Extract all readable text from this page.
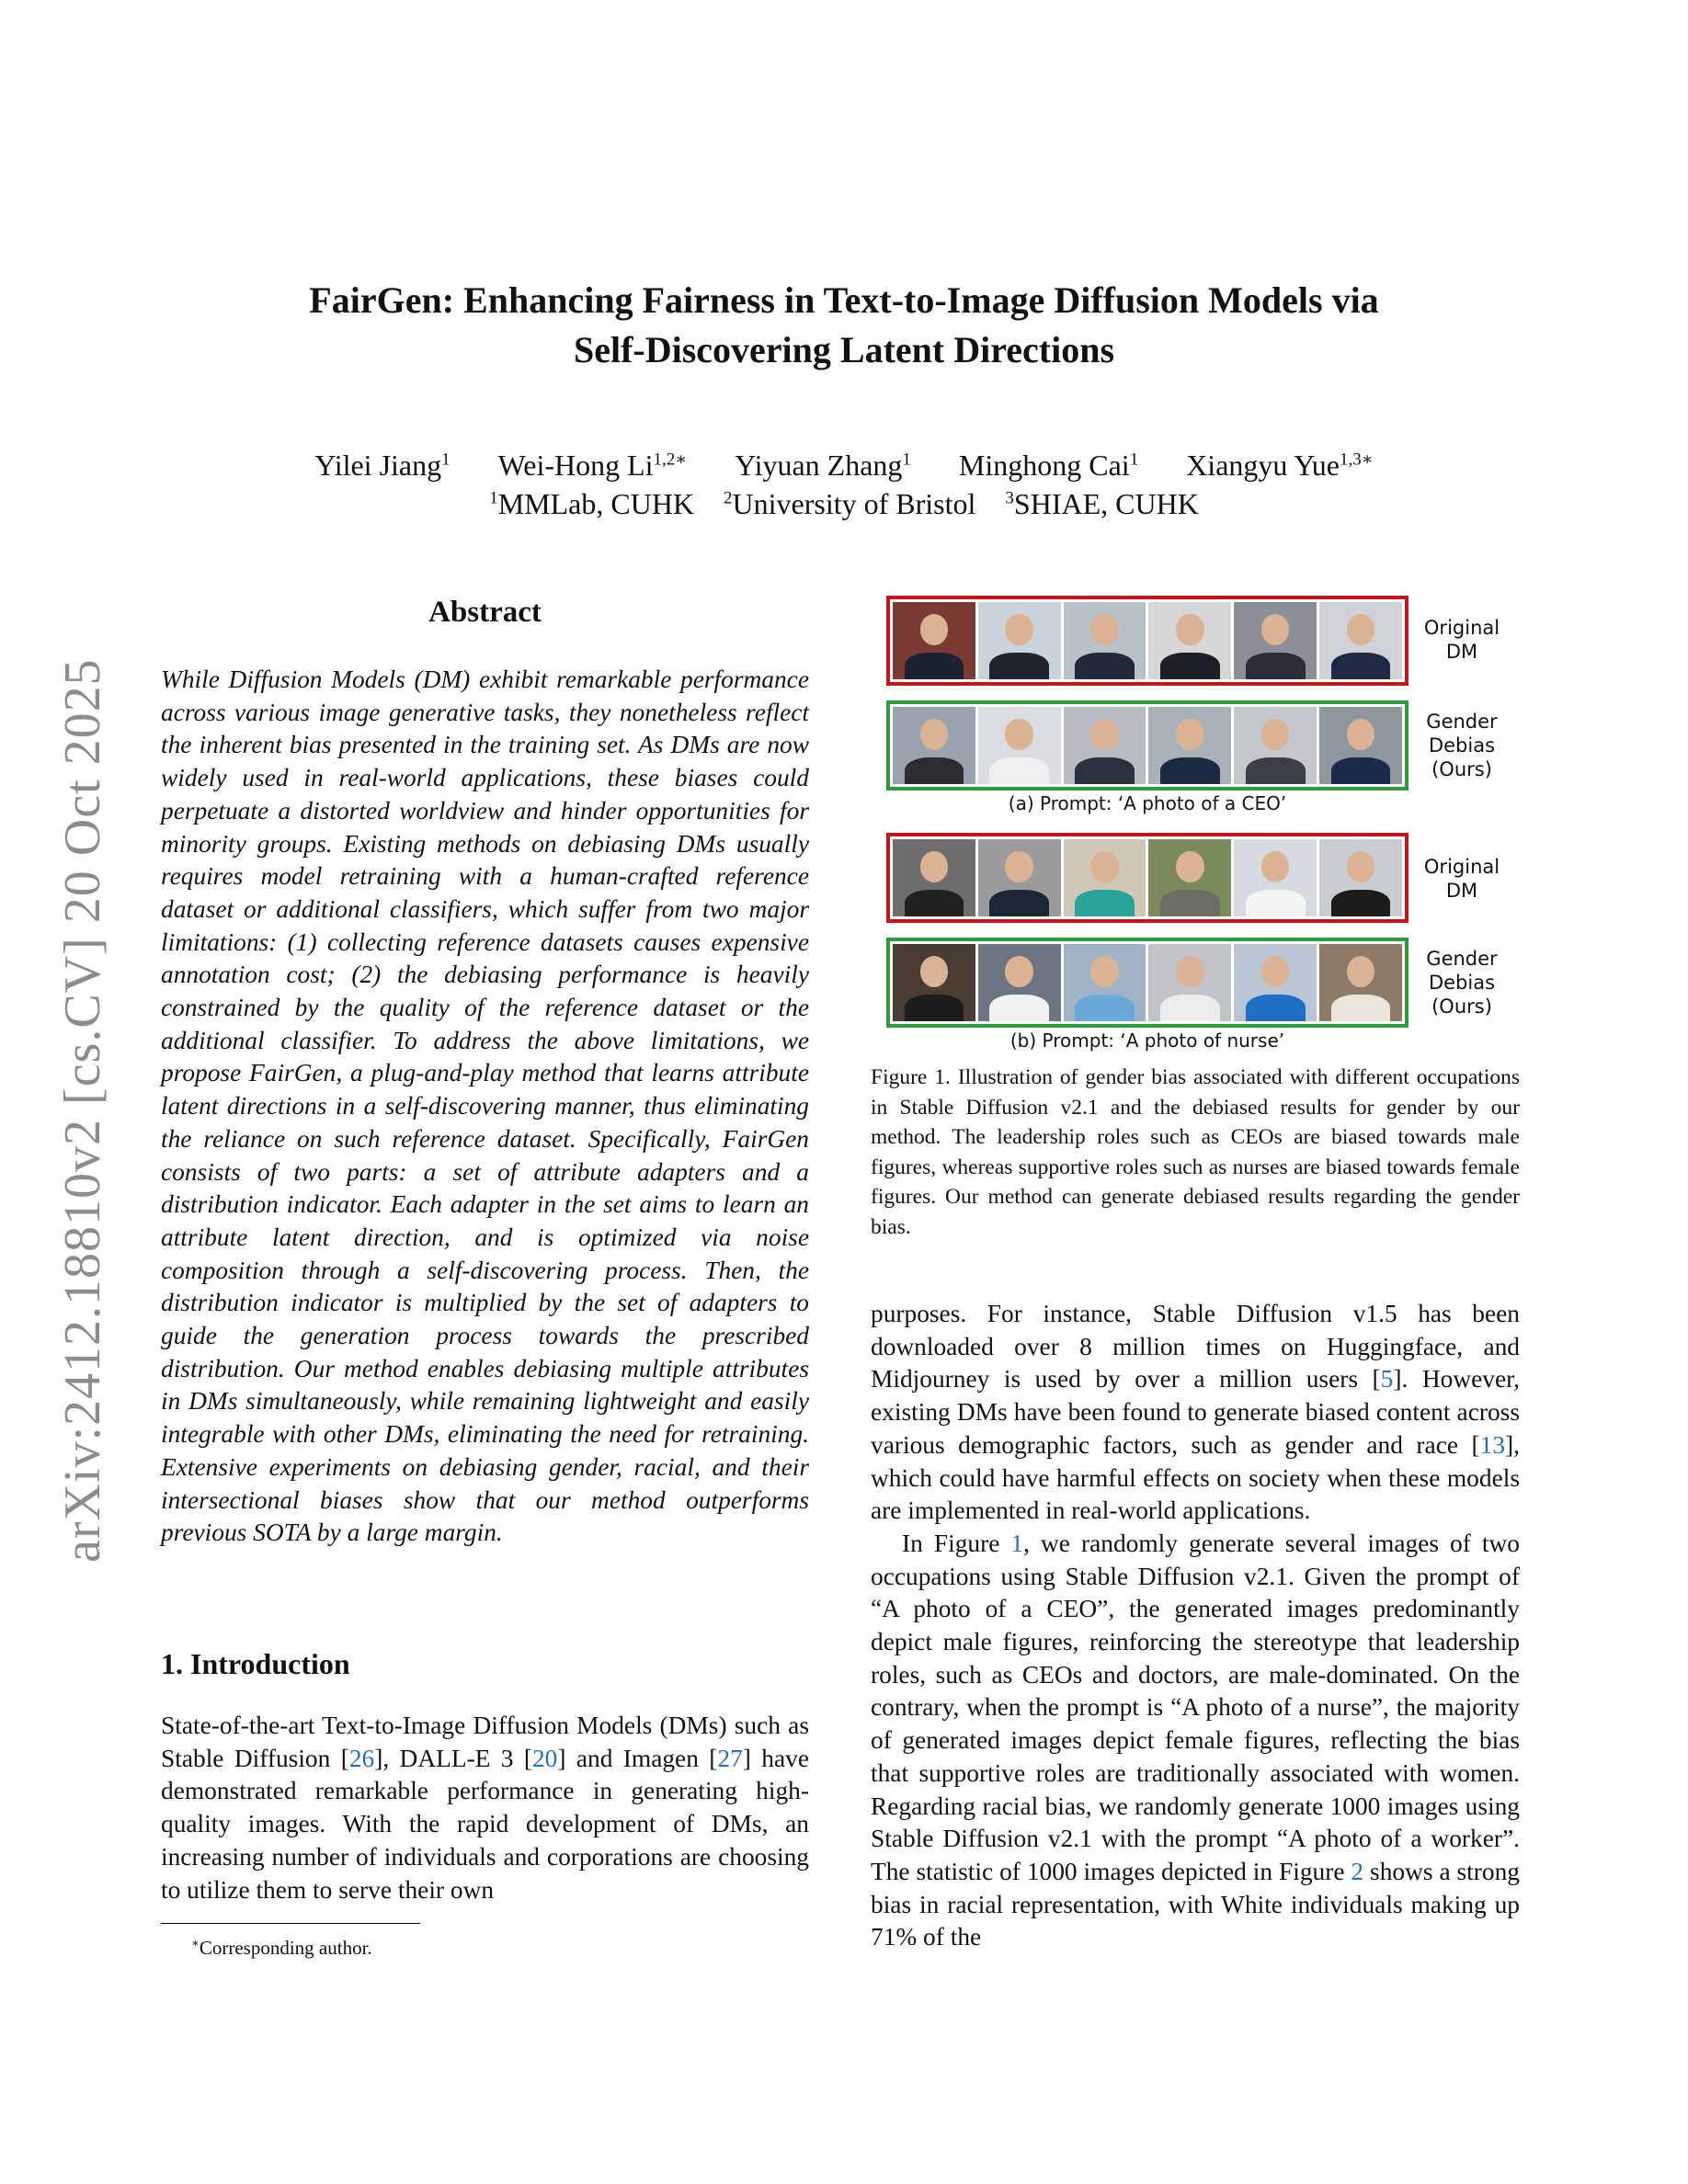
FairGen: Enhancing Fairness in Text-to-Image Diffusion Models via
Self-Discovering Latent Directions
Yilei Jiang$^1$ Wei-Hong $Li^{1,2∗}$ Yiyuan Zhang$^1$ Minghong Cai$^1$ Xiangyu Yue$^{1,3∗}$
$^1$MMLab, CUHK $^2$University of Bristol $^3$SHIAE, CUHK
arXiv:2412.18810v2 [cs.CV] 20 Oct 2025
Abstract

While Diffusion Models (DM) exhibit remarkable performance across various image generative tasks, they nonetheless reflect the inherent bias presented in the training set. As DMs are now widely used in real-world applications, these biases could perpetuate a distorted worldview and hinder opportunities for minority groups. Existing methods on debiasing DMs usually requires model retraining with a human-crafted reference dataset or additional classifiers, which suffer from two major limitations: (1) collecting reference datasets causes expensive annotation cost; (2) the debiasing performance is heavily constrained by the quality of the reference dataset or the additional classifier. To address the above limitations, we propose FairGen, a plug-and-play method that learns attribute latent directions in a self-discovering manner, thus eliminating the reliance on such reference dataset. Specifically, FairGen consists of two parts: a set of attribute adapters and a distribution indicator. Each adapter in the set aims to learn an attribute latent direction, and is optimized via noise composition through a self-discovering process. Then, the distribution indicator is multiplied by the set of adapters to guide the generation process towards the prescribed distribution. Our method enables debiasing multiple attributes in DMs simultaneously, while remaining lightweight and easily integrable with other DMs, eliminating the need for retraining. Extensive experiments on debiasing gender, racial, and their intersectional biases show that our method outperforms previous SOTA by a large margin.

1. Introduction

State-of-the-art Text-to-Image Diffusion Models (DMs) such as Stable Diffusion [26], DALL-E 3 [20] and Imagen [27] have demonstrated remarkable performance in generating high-quality images. With the rapid development of DMs, an increasing number of individuals and corporations are choosing to utilize them to serve their own

∗Corresponding author.
Original
DM
Gender
Debias
(Ours)
Original
DM
Gender
Debias
(Ours)
(a) Prompt: ‘A photo of a CEO’
(b) Prompt: ‘A photo of nurse’

Figure 1. Illustration of gender bias associated with different occupations in Stable Diffusion v2.1 and the debiased results for gender by our method. The leadership roles such as CEOs are biased towards male figures, whereas supportive roles such as nurses are biased towards female figures. Our method can generate debiased results regarding the gender bias.

purposes. For instance, Stable Diffusion v1.5 has been downloaded over 8 million times on Huggingface, and Midjourney is used by over a million users [5]. However, existing DMs have been found to generate biased content across various demographic factors, such as gender and race [13], which could have harmful effects on society when these models are implemented in real-world applications.
In Figure 1, we randomly generate several images of two occupations using Stable Diffusion v2.1. Given the prompt of “A photo of a CEO”, the generated images predominantly depict male figures, reinforcing the stereotype that leadership roles, such as CEOs and doctors, are male-dominated. On the contrary, when the prompt is “A photo of a nurse”, the majority of generated images depict female figures, reflecting the bias that supportive roles are traditionally associated with women. Regarding racial bias, we randomly generate 1000 images using Stable Diffusion v2.1 with the prompt “A photo of a worker”. The statistic of 1000 images depicted in Figure 2 shows a strong bias in racial representation, with White individuals making up 71% of the
